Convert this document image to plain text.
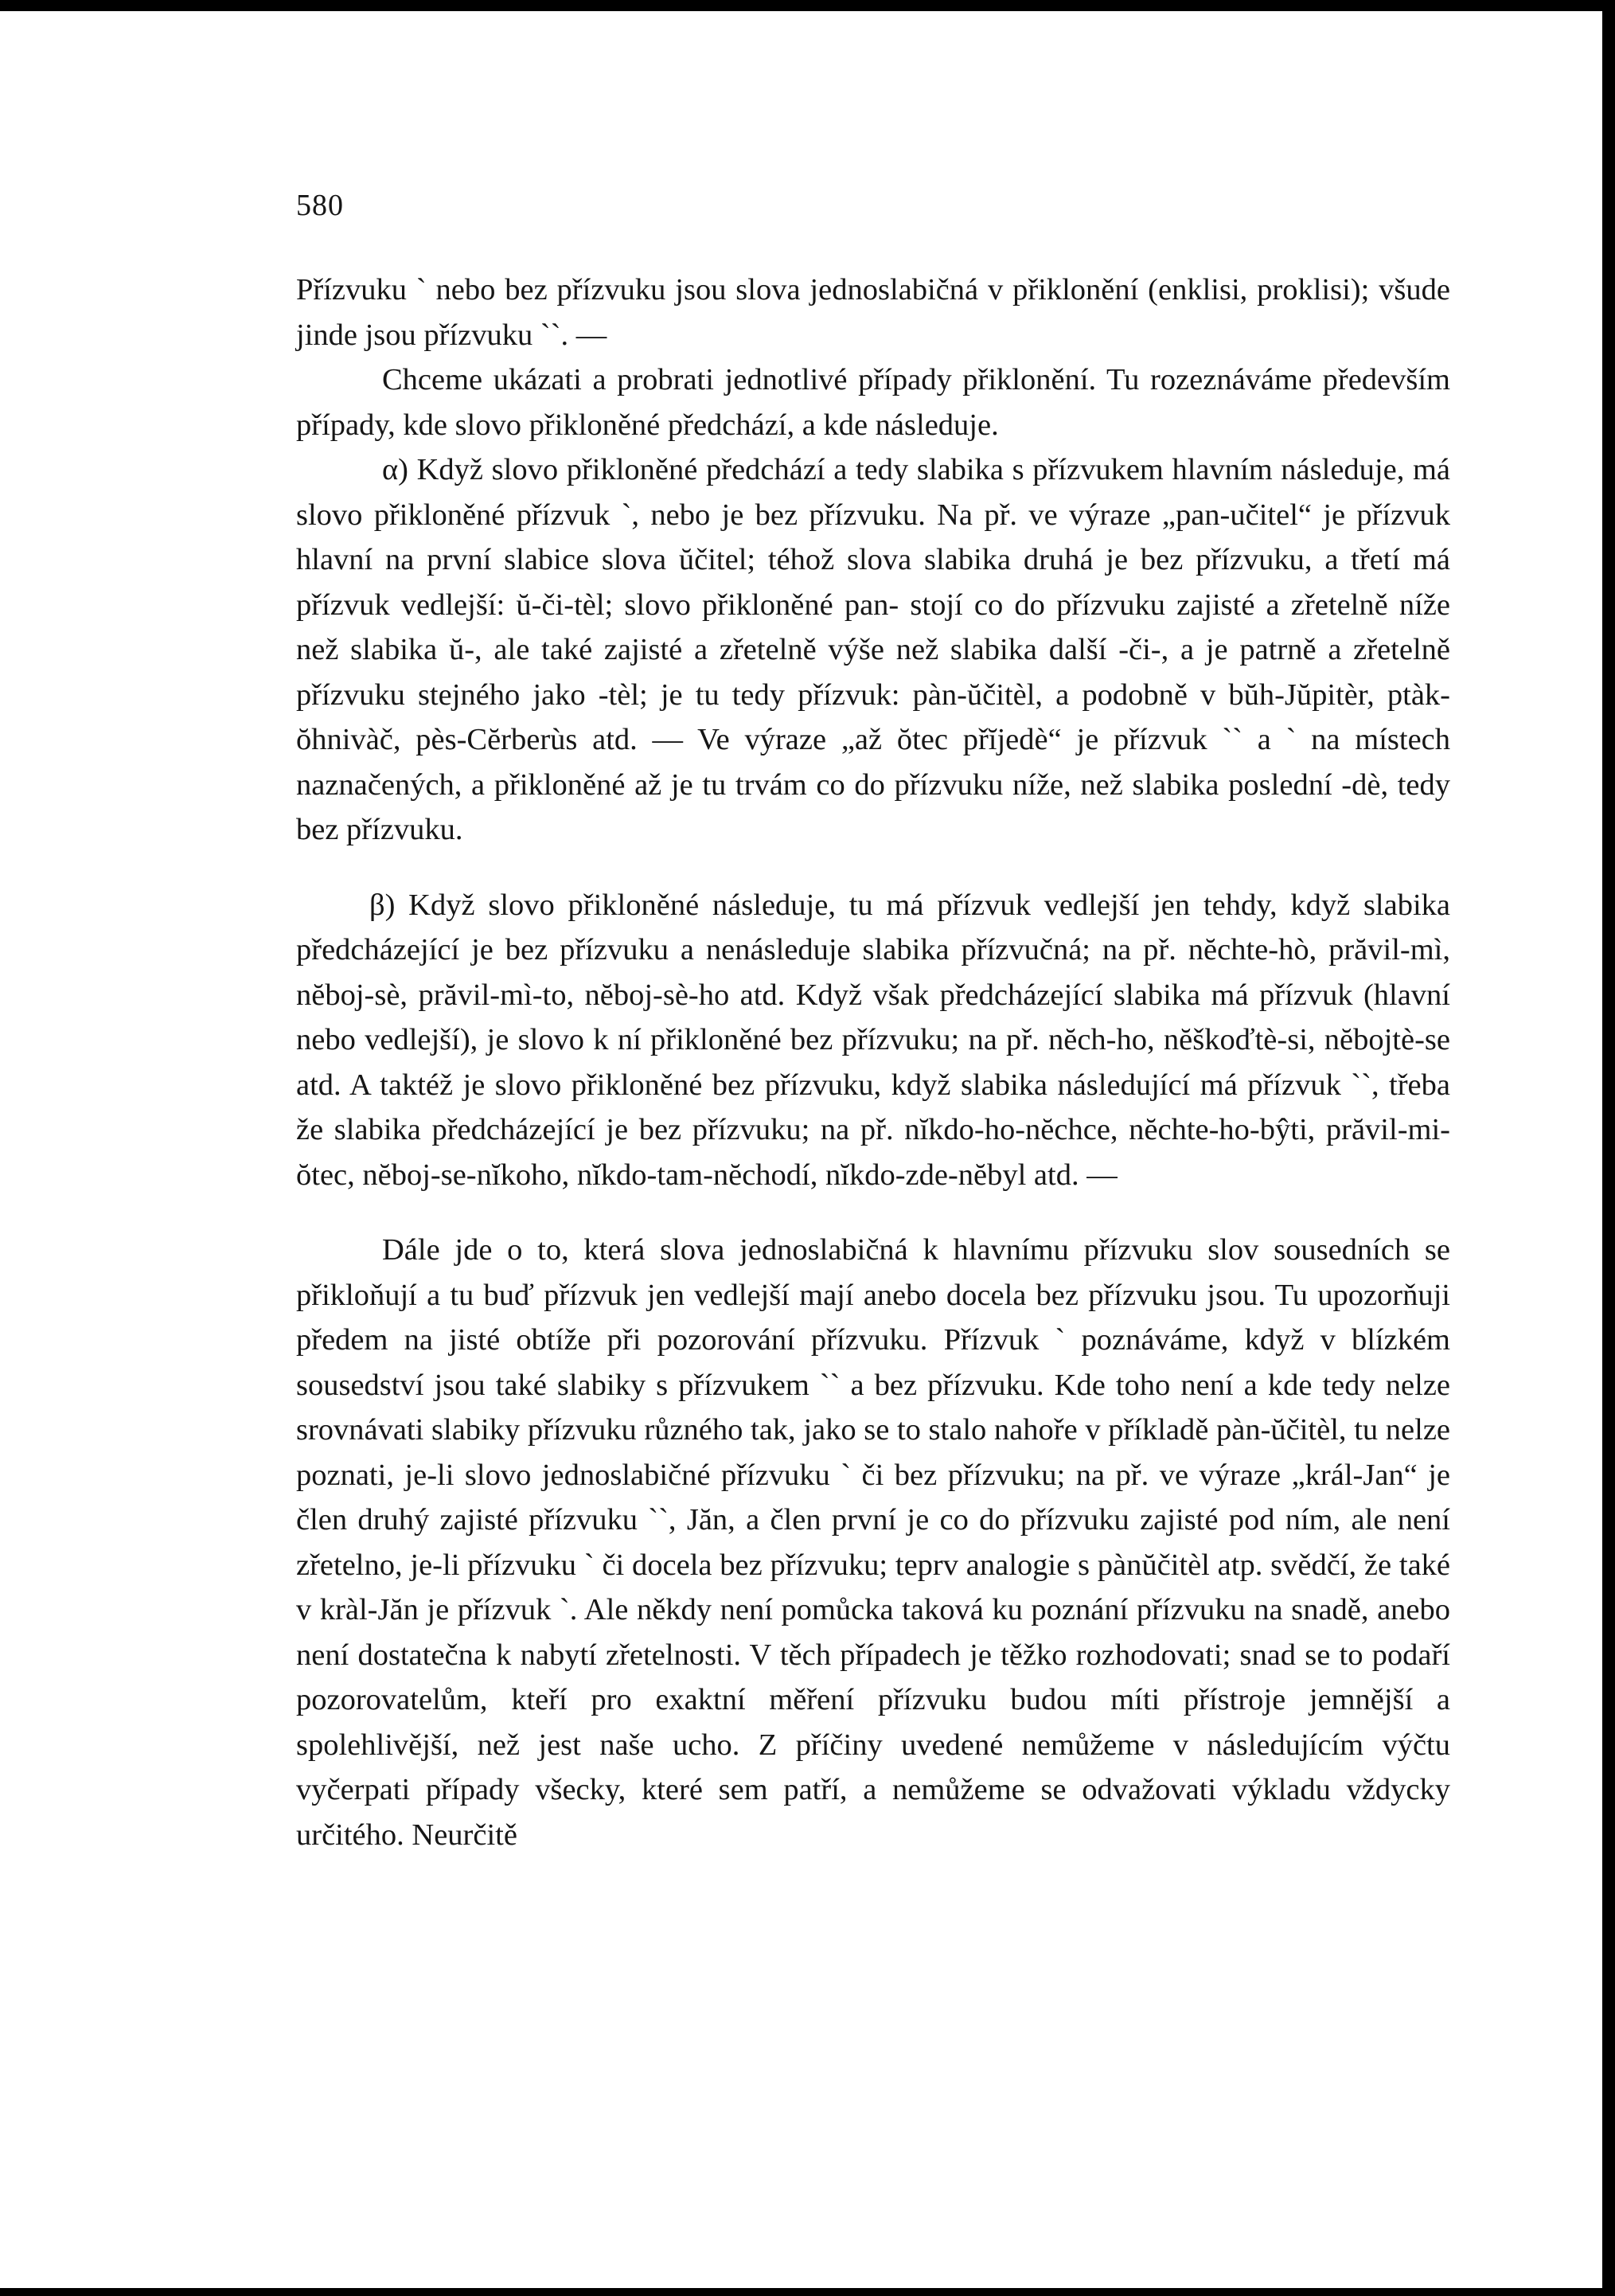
580

Přízvuku ` nebo bez přízvuku jsou slova jednoslabičná v přiklonění (enklisi, proklisi); všude jinde jsou přízvuku ``. —

Chceme ukázati a probrati jednotlivé případy přiklonění. Tu rozeznáváme především případy, kde slovo přikloněné předchází, a kde následuje.

α) Když slovo přikloněné předchází a tedy slabika s přízvukem hlavním následuje, má slovo přikloněné přízvuk `, nebo je bez přízvuku. Na př. ve výraze „pan-učitel“ je přízvuk hlavní na první slabice slova ŭčitel; téhož slova slabika druhá je bez přízvuku, a třetí má přízvuk vedlejší: ŭ-či-tèl; slovo přikloněné pan- stojí co do přízvuku zajisté a zřetelně níže než slabika ŭ-, ale také zajisté a zřetelně výše než slabika další -či-, a je patrně a zřetelně přízvuku stejného jako -tèl; je tu tedy přízvuk: pàn-ŭčitèl, a podobně v bŭh-Jŭpitèr, ptàk-ŏhnivàč, pès-Cĕrberùs atd. — Ve výraze „až ŏtec přĭjedè“ je přízvuk `` a ` na místech naznačených, a přikloněné až je tu trvám co do přízvuku níže, než slabika poslední -dè, tedy bez přízvuku.

β) Když slovo přikloněné následuje, tu má přízvuk vedlejší jen tehdy, když slabika předcházející je bez přízvuku a nenásleduje slabika přízvučná; na př. nĕchte-hò, prăvil-mì, nĕboj-sè, prăvil-mì-to, nĕboj-sè-ho atd. Když však předcházející slabika má přízvuk (hlavní nebo vedlejší), je slovo k ní přikloněné bez přízvuku; na př. nĕch-ho, nĕškoďtè-si, nĕbojtè-se atd. A taktéž je slovo přikloněné bez přízvuku, když slabika následující má přízvuk ``, třeba že slabika předcházející je bez přízvuku; na př. nĭkdo-ho-nĕchce, nĕchte-ho-bŷti, prăvil-mi-ŏtec, nĕboj-se-nĭkoho, nĭkdo-tam-nĕchodí, nĭkdo-zde-nĕbyl atd. —

Dále jde o to, která slova jednoslabičná k hlavnímu přízvuku slov sousedních se přikloňují a tu buď přízvuk jen vedlejší mají anebo docela bez přízvuku jsou. Tu upozorňuji předem na jisté obtíže při pozorování přízvuku. Přízvuk ` poznáváme, když v blízkém sousedství jsou také slabiky s přízvukem `` a bez přízvuku. Kde toho není a kde tedy nelze srovnávati slabiky přízvuku různého tak, jako se to stalo nahoře v příkladě pàn-ŭčitèl, tu nelze poznati, je-li slovo jednoslabičné přízvuku ` či bez přízvuku; na př. ve výraze „král-Jan“ je člen druhý zajisté přízvuku ``, Jăn, a člen první je co do přízvuku zajisté pod ním, ale není zřetelno, je-li přízvuku ` či docela bez přízvuku; teprv analogie s pànŭčitèl atp. svědčí, že také v kràl-Jăn je přízvuk `. Ale někdy není pomůcka taková ku poznání přízvuku na snadě, anebo není dostatečna k nabytí zřetelnosti. V těch případech je těžko rozhodovati; snad se to podaří pozorovatelům, kteří pro exaktní měření přízvuku budou míti přístroje jemnější a spolehlivější, než jest naše ucho. Z příčiny uvedené nemůžeme v následujícím výčtu vyčerpati případy všecky, které sem patří, a nemůžeme se odvažovati výkladu vždycky určitého. Neurčitě
